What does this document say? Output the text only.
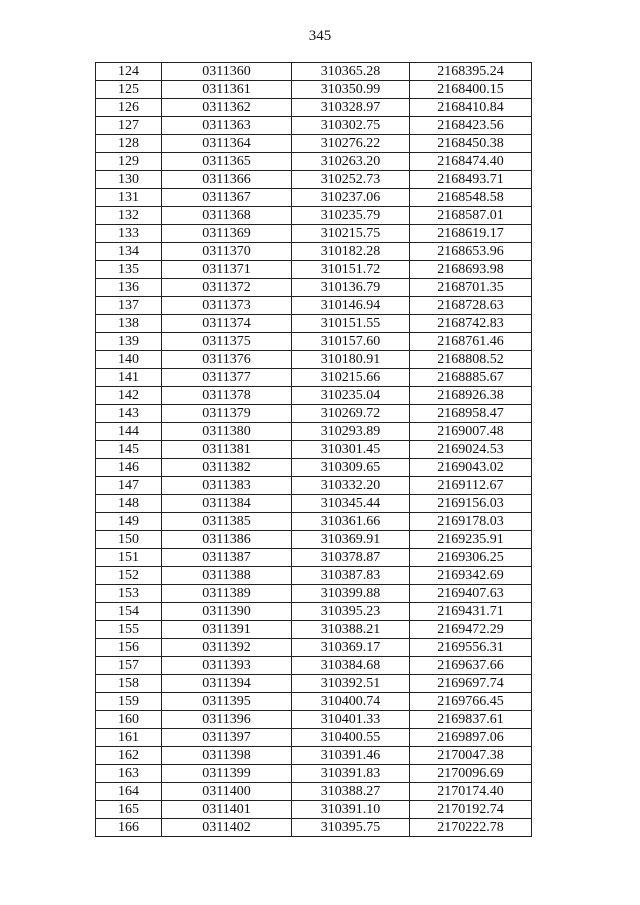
345
124	0311360	310365.28	2168395.24
125	0311361	310350.99	2168400.15
126	0311362	310328.97	2168410.84
127	0311363	310302.75	2168423.56
128	0311364	310276.22	2168450.38
129	0311365	310263.20	2168474.40
130	0311366	310252.73	2168493.71
131	0311367	310237.06	2168548.58
132	0311368	310235.79	2168587.01
133	0311369	310215.75	2168619.17
134	0311370	310182.28	2168653.96
135	0311371	310151.72	2168693.98
136	0311372	310136.79	2168701.35
137	0311373	310146.94	2168728.63
138	0311374	310151.55	2168742.83
139	0311375	310157.60	2168761.46
140	0311376	310180.91	2168808.52
141	0311377	310215.66	2168885.67
142	0311378	310235.04	2168926.38
143	0311379	310269.72	2168958.47
144	0311380	310293.89	2169007.48
145	0311381	310301.45	2169024.53
146	0311382	310309.65	2169043.02
147	0311383	310332.20	2169112.67
148	0311384	310345.44	2169156.03
149	0311385	310361.66	2169178.03
150	0311386	310369.91	2169235.91
151	0311387	310378.87	2169306.25
152	0311388	310387.83	2169342.69
153	0311389	310399.88	2169407.63
154	0311390	310395.23	2169431.71
155	0311391	310388.21	2169472.29
156	0311392	310369.17	2169556.31
157	0311393	310384.68	2169637.66
158	0311394	310392.51	2169697.74
159	0311395	310400.74	2169766.45
160	0311396	310401.33	2169837.61
161	0311397	310400.55	2169897.06
162	0311398	310391.46	2170047.38
163	0311399	310391.83	2170096.69
164	0311400	310388.27	2170174.40
165	0311401	310391.10	2170192.74
166	0311402	310395.75	2170222.78
